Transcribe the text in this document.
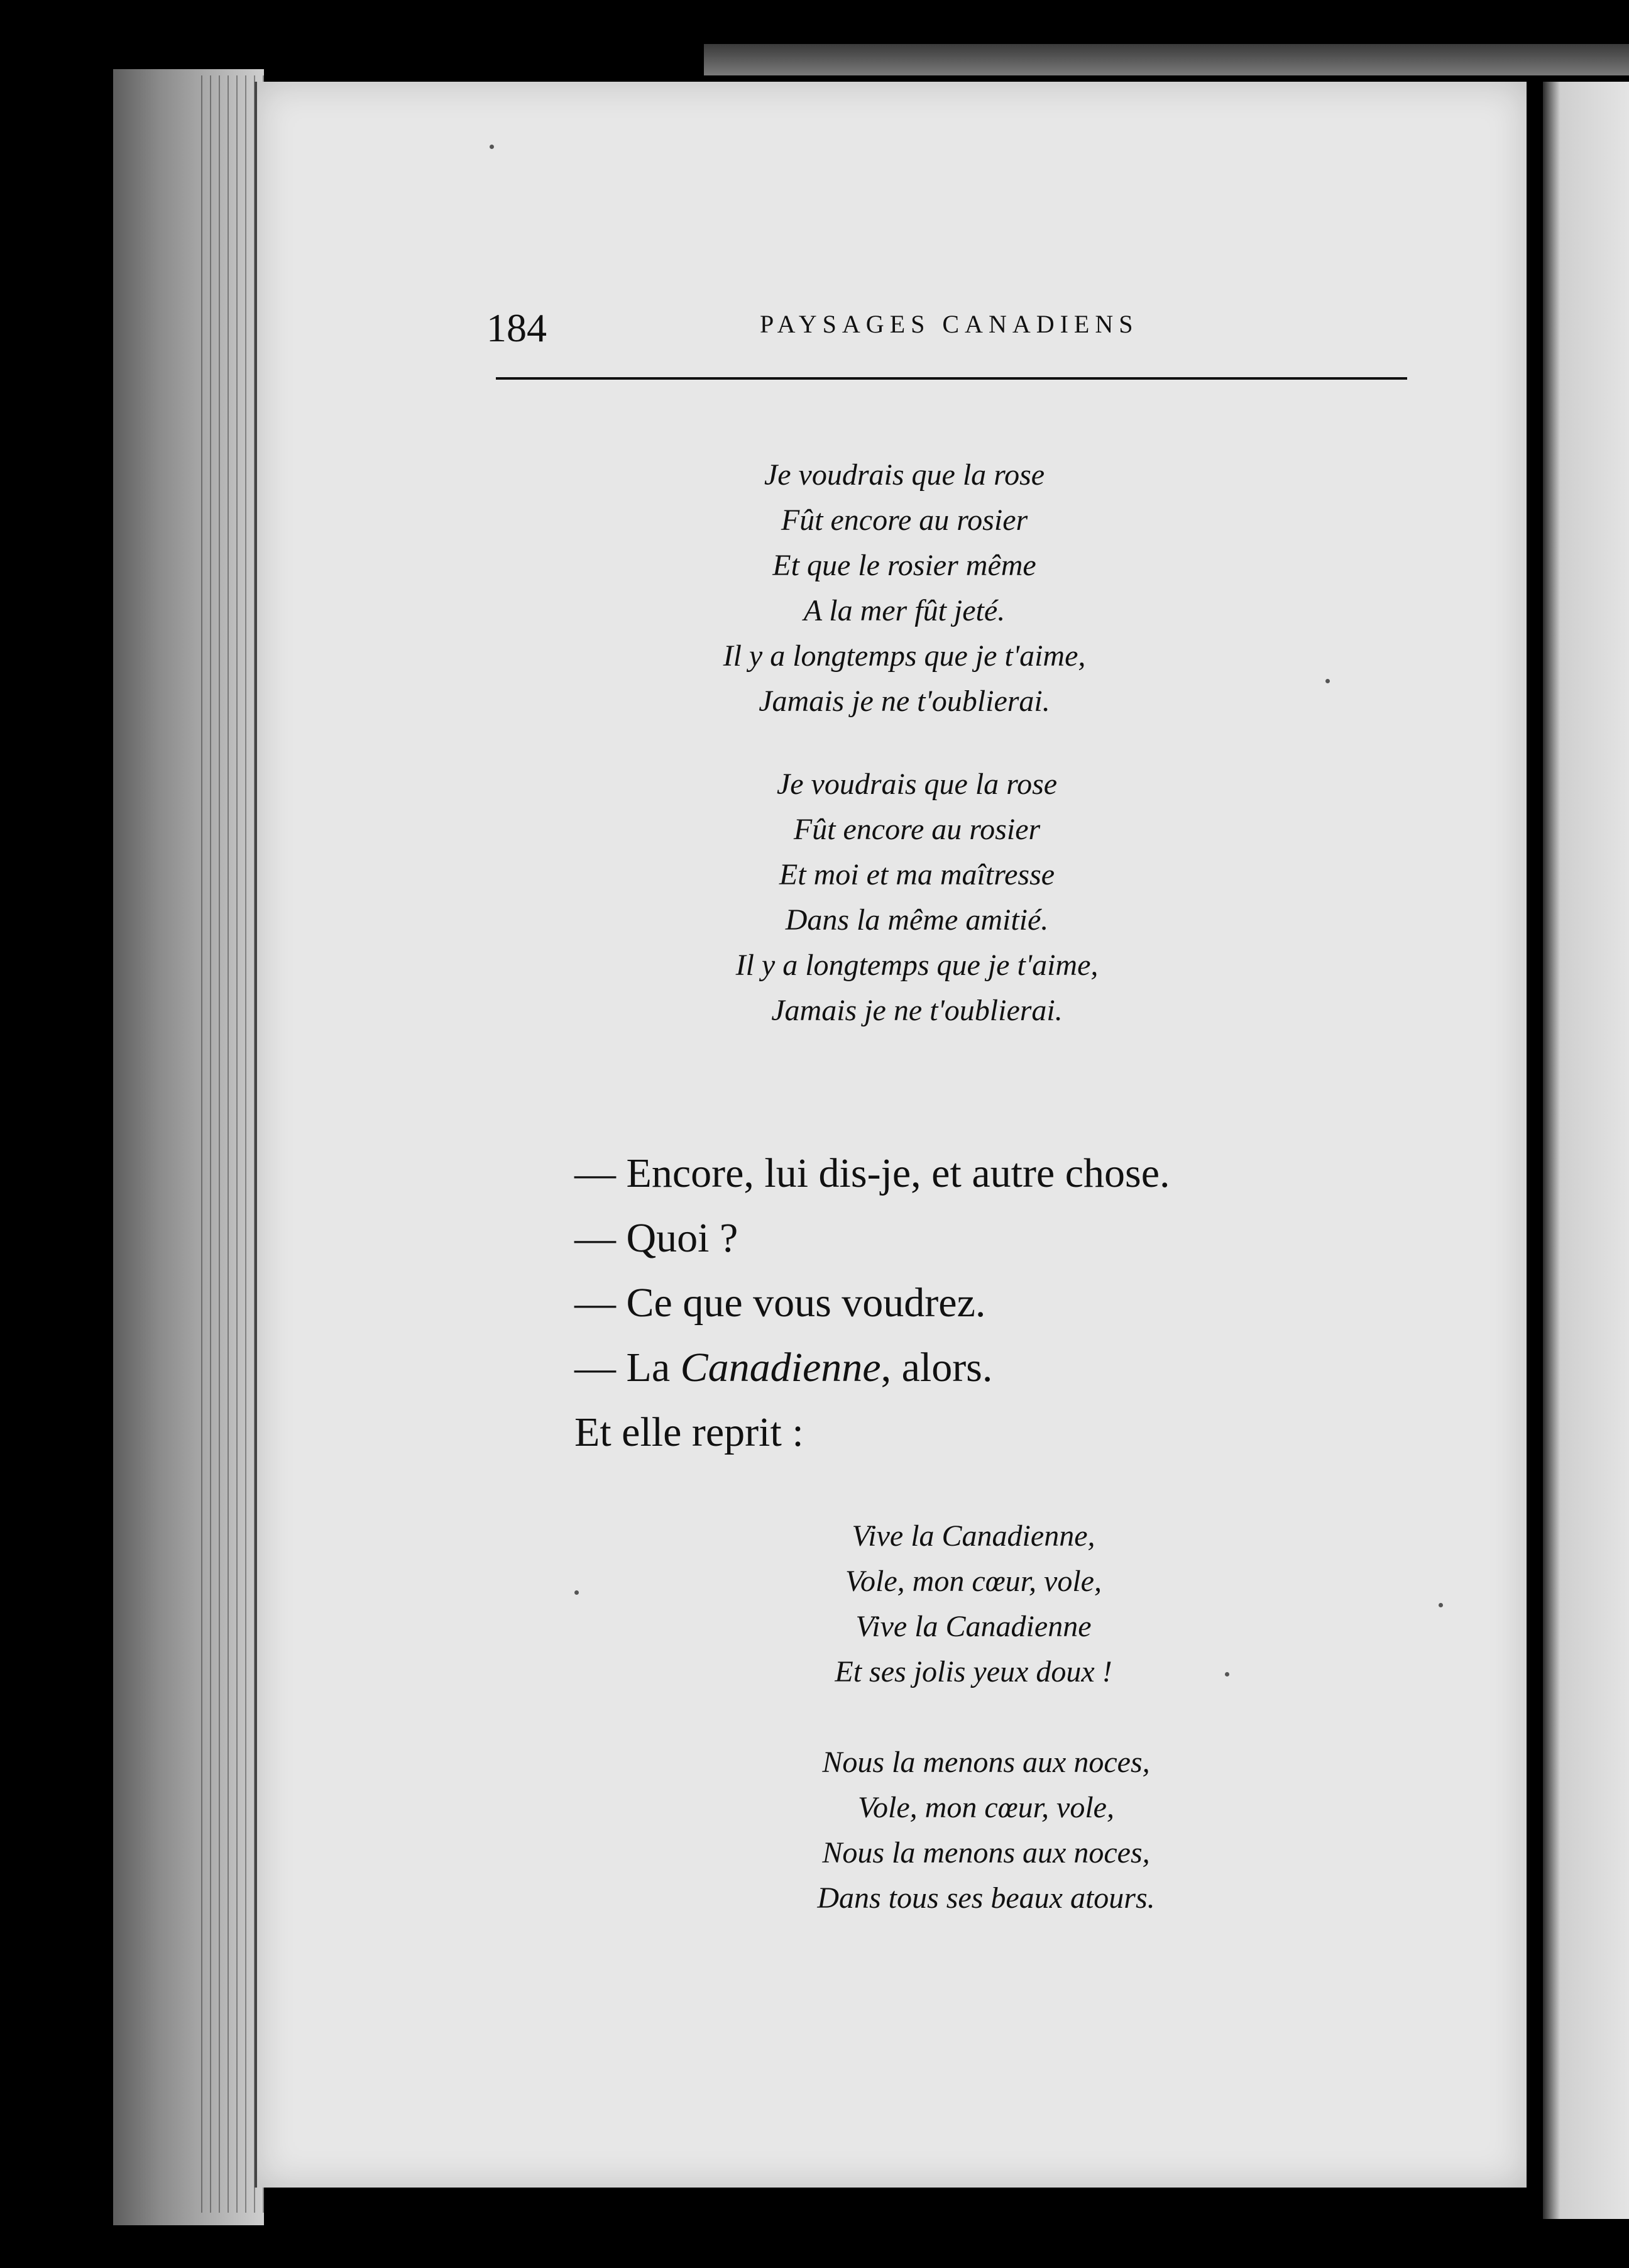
184	PAYSAGES CANADIENS
Je voudrais que la rose
Fût encore au rosier
Et que le rosier même
A la mer fût jeté.
Il y a longtemps que je t'aime,
Jamais je ne t'oublierai.
Je voudrais que la rose
Fût encore au rosier
Et moi et ma maîtresse
Dans la même amitié.
Il y a longtemps que je t'aime,
Jamais je ne t'oublierai.
— Encore, lui dis-je, et autre chose.
— Quoi ?
— Ce que vous voudrez.
— La Canadienne, alors.
Et elle reprit :
Vive la Canadienne,
Vole, mon cœur, vole,
Vive la Canadienne
Et ses jolis yeux doux !
Nous la menons aux noces,
Vole, mon cœur, vole,
Nous la menons aux noces,
Dans tous ses beaux atours.
